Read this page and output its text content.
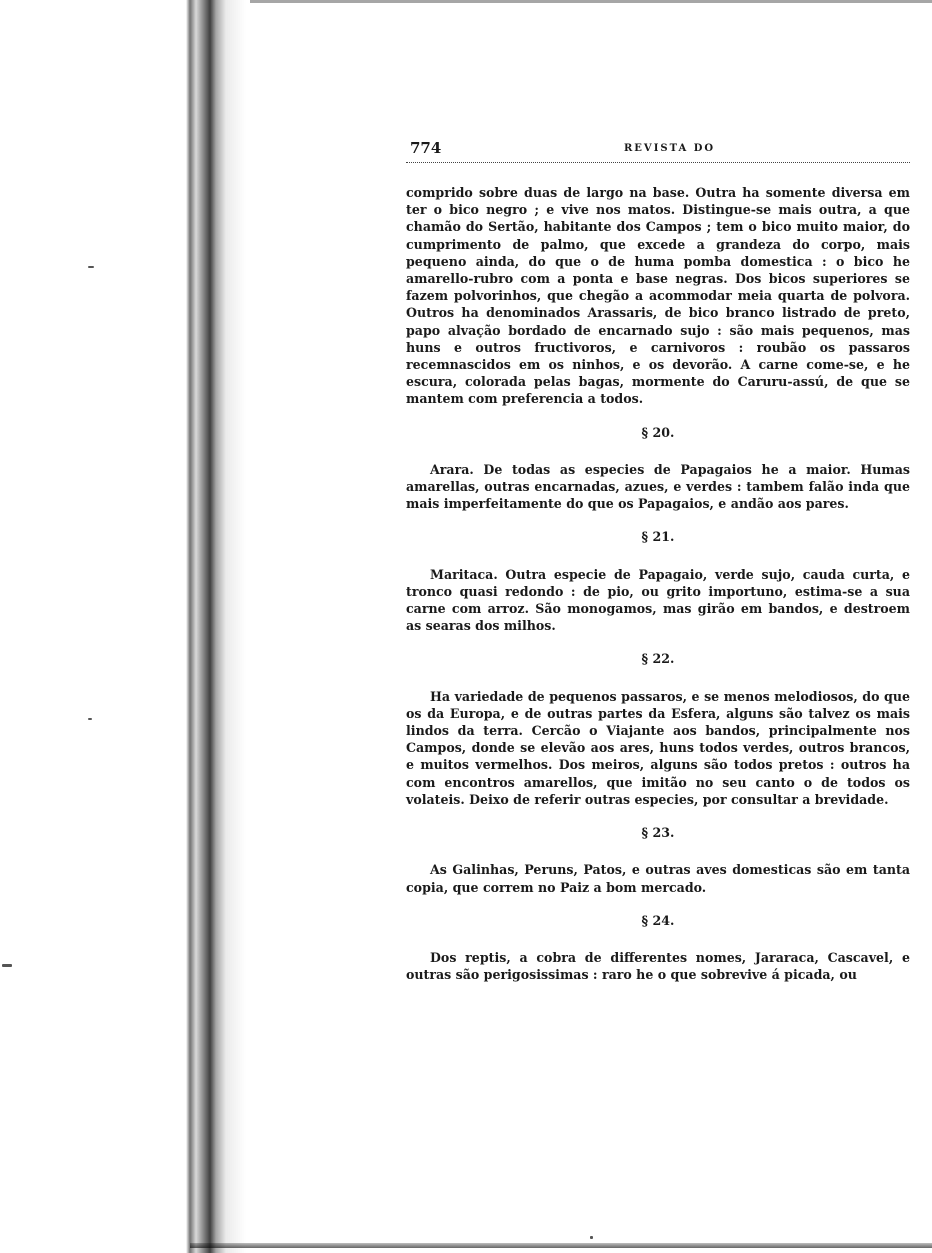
774	REVISTA DO

comprido sobre duas de largo na base. Outra ha somente diversa em ter o bico negro ; e vive nos matos. Distingue-se mais outra, a que chamão do Sertão, habitante dos Campos ; tem o bico muito maior, do cumprimento de palmo, que excede a grandeza do corpo, mais pequeno ainda, do que o de huma pomba domestica : o bico he amarello-rubro com a ponta e base negras. Dos bicos superiores se fazem polvorinhos, que chegão a acommodar meia quarta de polvora. Outros ha denominados Arassaris, de bico branco listrado de preto, papo alvação bordado de encarnado sujo : são mais pequenos, mas huns e outros fructivoros, e carnivoros : roubão os passaros recemnascidos em os ninhos, e os devorão. A carne come-se, e he escura, colorada pelas bagas, mormente do Caruru-assú, de que se mantem com preferencia a todos.

§ 20.

Arara. De todas as especies de Papagaios he a maior. Humas amarellas, outras encarnadas, azues, e verdes : tambem falão inda que mais imperfeitamente do que os Papagaios, e andão aos pares.

§ 21.

Maritaca. Outra especie de Papagaio, verde sujo, cauda curta, e tronco quasi redondo : de pio, ou grito importuno, estima-se a sua carne com arroz. São monogamos, mas girão em bandos, e destroem as searas dos milhos.

§ 22.

Ha variedade de pequenos passaros, e se menos melodiosos, do que os da Europa, e de outras partes da Esfera, alguns são talvez os mais lindos da terra. Cercão o Viajante aos bandos, principalmente nos Campos, donde se elevão aos ares, huns todos verdes, outros brancos, e muitos vermelhos. Dos meiros, alguns são todos pretos : outros ha com encontros amarellos, que imitão no seu canto o de todos os volateis. Deixo de referir outras especies, por consultar a brevidade.

§ 23.

As Galinhas, Peruns, Patos, e outras aves domesticas são em tanta copia, que correm no Paiz a bom mercado.

§ 24.

Dos reptis, a cobra de differentes nomes, Jararaca, Cascavel, e outras são perigosissimas : raro he o que sobrevive á picada, ou
